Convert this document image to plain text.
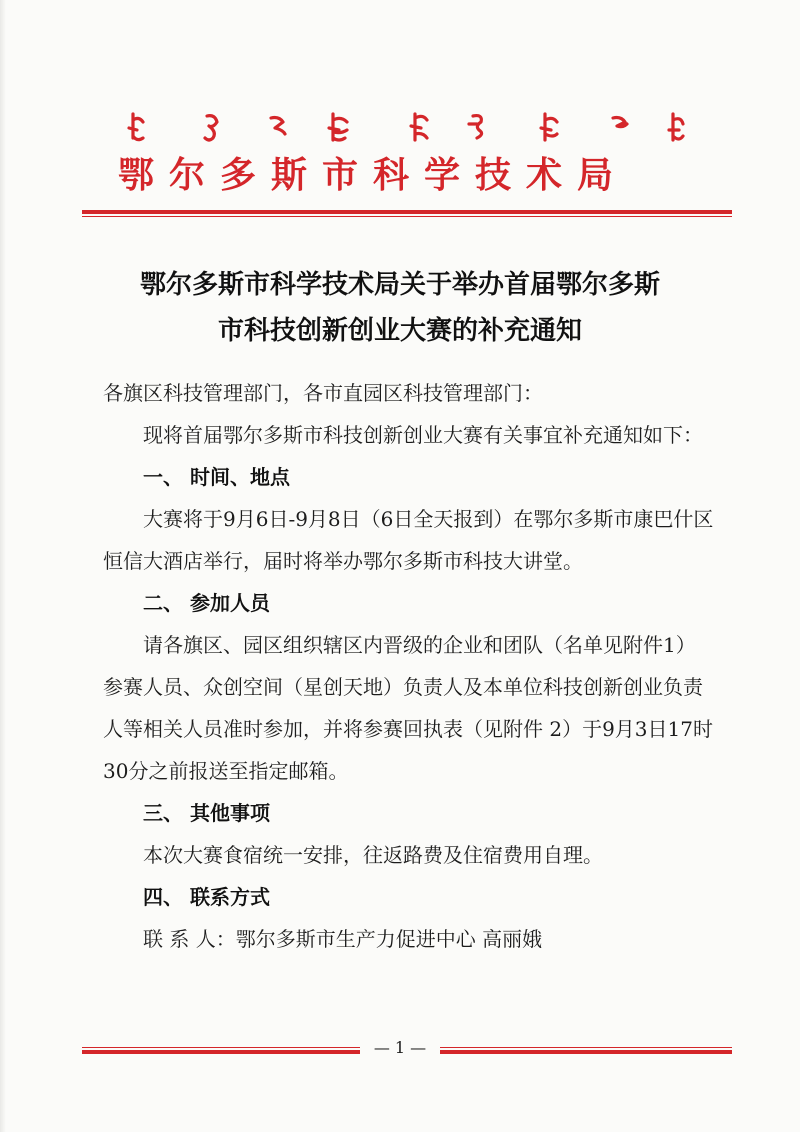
鄂尔多斯市科学技术局
鄂尔多斯市科学技术局关于举办首届鄂尔多斯
市科技创新创业大赛的补充通知

各旗区科技管理部门，各市直园区科技管理部门：

现将首届鄂尔多斯市科技创新创业大赛有关事宜补充通知如下：

一、 时间、地点

大赛将于9月6日-9月8日（6日全天报到）在鄂尔多斯市康巴什区恒信大酒店举行，届时将举办鄂尔多斯市科技大讲堂。

二、 参加人员

请各旗区、园区组织辖区内晋级的企业和团队（名单见附件1）参赛人员、众创空间（星创天地）负责人及本单位科技创新创业负责人等相关人员准时参加，并将参赛回执表（见附件 2）于9月3日17时30分之前报送至指定邮箱。

三、 其他事项

本次大赛食宿统一安排，往返路费及住宿费用自理。

四、 联系方式

联 系 人：鄂尔多斯市生产力促进中心 高丽娥

— 1 —
